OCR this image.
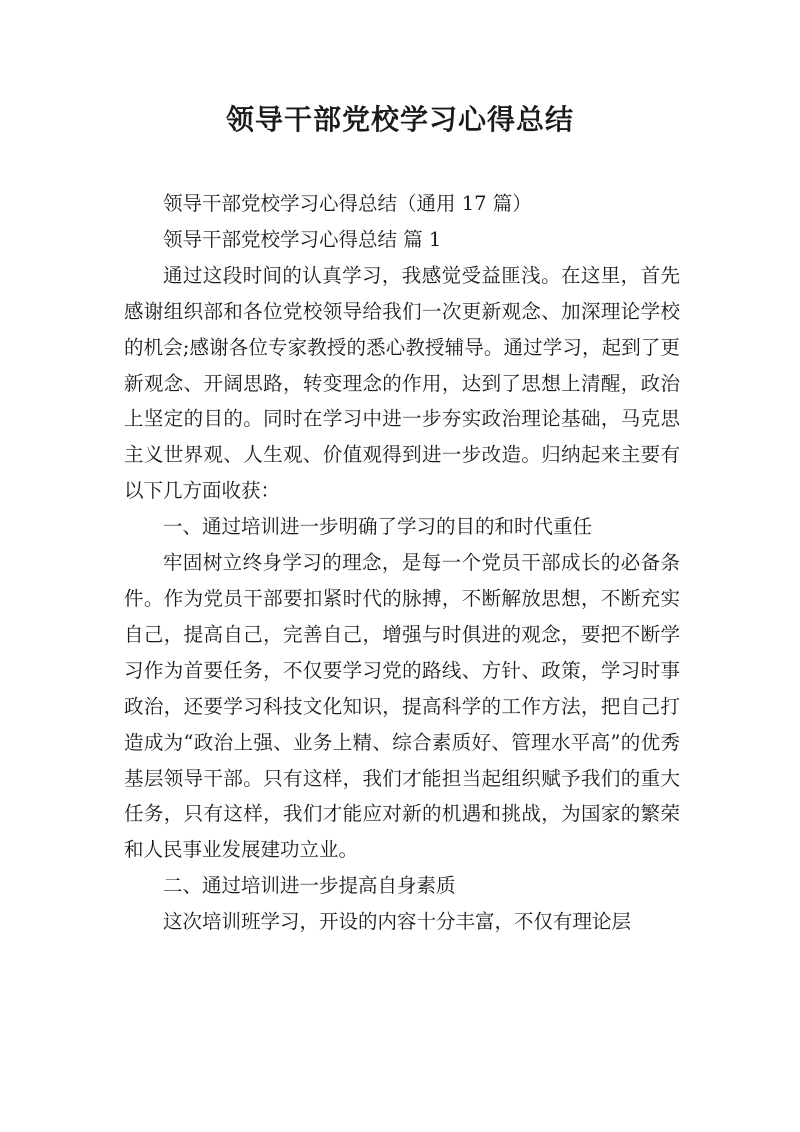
领导干部党校学习心得总结

领导干部党校学习心得总结（通用 17 篇）

领导干部党校学习心得总结 篇 1

通过这段时间的认真学习，我感觉受益匪浅。在这里，首先感谢组织部和各位党校领导给我们一次更新观念、加深理论学校的机会;感谢各位专家教授的悉心教授辅导。通过学习，起到了更新观念、开阔思路，转变理念的作用，达到了思想上清醒，政治上坚定的目的。同时在学习中进一步夯实政治理论基础，马克思主义世界观、人生观、价值观得到进一步改造。归纳起来主要有以下几方面收获：

一、通过培训进一步明确了学习的目的和时代重任

牢固树立终身学习的理念，是每一个党员干部成长的必备条件。作为党员干部要扣紧时代的脉搏，不断解放思想，不断充实自己，提高自己，完善自己，增强与时俱进的观念，要把不断学习作为首要任务，不仅要学习党的路线、方针、政策，学习时事政治，还要学习科技文化知识，提高科学的工作方法，把自己打造成为“政治上强、业务上精、综合素质好、管理水平高”的优秀基层领导干部。只有这样，我们才能担当起组织赋予我们的重大任务，只有这样，我们才能应对新的机遇和挑战，为国家的繁荣和人民事业发展建功立业。

二、通过培训进一步提高自身素质

这次培训班学习，开设的内容十分丰富，不仅有理论层
